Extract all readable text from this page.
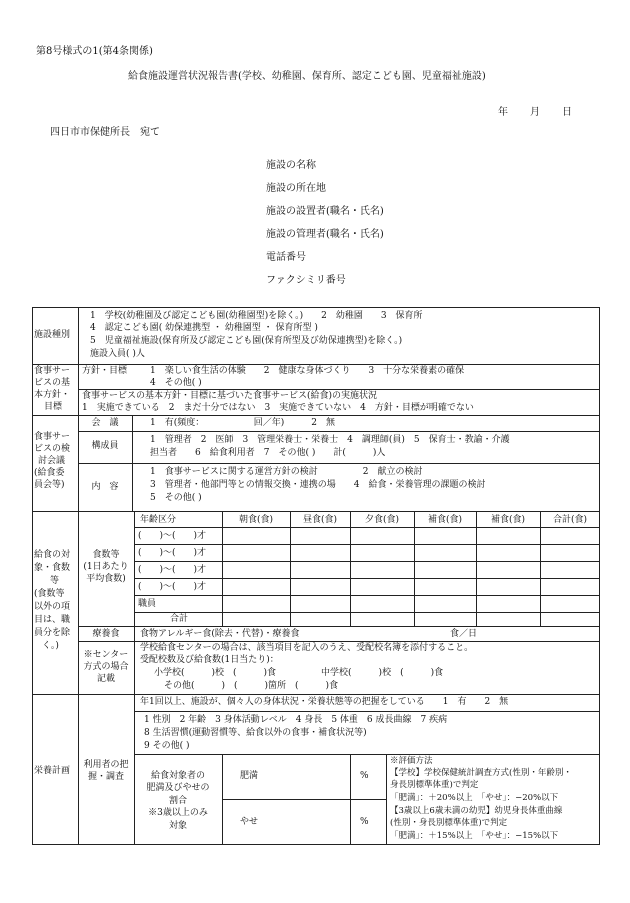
第8号様式の1(第4条関係)
給食施設運営状況報告書(学校、幼稚園、保育所、認定こども園、児童福祉施設)
年 月 日
四日市市保健所長　宛て
施設の名称
施設の所在地
施設の設置者(職名・氏名)
施設の管理者(職名・氏名)
電話番号
ファクシミリ番号
施設種別
1　学校(幼稚園及び認定こども園(幼稚園型)を除く。)　　2　幼稚園　　3　保育所
4　認定こども園( 幼保連携型 ・ 幼稚園型 ・ 保育所型 )
5　児童福祉施設(保育所及び認定こども園(保育所型及び幼保連携型)を除く。)
施設入員( )人
食事サー
ビスの基
本方針・
目標
方針・目標	1　楽しい食生活の体験　　2　健康な身体づくり　　3　十分な栄養素の確保
4　その他( )
食事サービスの基本方針・目標に基づいた食事サービス(給食)の実施状況
1　実施できている　2　まだ十分ではない　3　実施できていない　4　方針・目標が明確でない
食事サー
ビスの検
討会議
(給食委
員会等)
会　議	1　有(頻度：　　　　　　回／年)　　　2　無
構成員
1　管理者　2　医師　3　管理栄養士・栄養士　4　調理師(員)　5　保育士・教諭・介護
担当者　　6　給食利用者　7　その他( )　　計(　　　)人
内　容
1　食事サービスに関する運営方針の検討　　　　　2　献立の検討
3　管理者・他部門等との情報交換・連携の場　　4　給食・栄養管理の課題の検討
5　その他( )
給食の対
象・食数
等
(食数等
以外の項
目は、職
員分を除
く。)
食数等
(1日あたり
平均食数)
年齢区分	朝食(食)	昼食(食)	夕食(食)	補食(食)	補食(食)	合計(食)
(　　)〜(　　)才
(　　)〜(　　)才
(　　)〜(　　)才
(　　)〜(　　)才
職員
合計
療養食	食物アレルギー食(除去・代替)・療養食	食／日
※センター
方式の場合
記載
学校給食センターの場合は、該当項目を記入のうえ、受配校名簿を添付すること。
受配校数及び給食数(1日当たり)：
小学校(　　　)校　(　　　)食　　　　　中学校(　　　)校　(　　　)食
その他(　　　)　(　　　)箇所　(　　　)食
栄養計画
利用者の把
握・調査
年1回以上、施設が、個々人の身体状況・栄養状態等の把握をしている　　1　有　　2　無
1 性別　2 年齢　3 身体活動レベル　4 身長　5 体重　6 成長曲線　7 疾病
8 生活習慣(運動習慣等、給食以外の食事・補食状況等)
9 その他( )
給食対象者の
肥満及びやせの
割合
※3歳以上のみ
対象
肥満	%
やせ	%
※評価方法
【学校】学校保健統計調査方式(性別・年齢別・
身長別標準体重)で判定
「肥満」：＋20%以上　「やせ」：−20%以下
【3歳以上6歳未満の幼児】幼児身長体重曲線
(性別・身長別標準体重)で判定
「肥満」：＋15%以上　「やせ」：−15%以下
